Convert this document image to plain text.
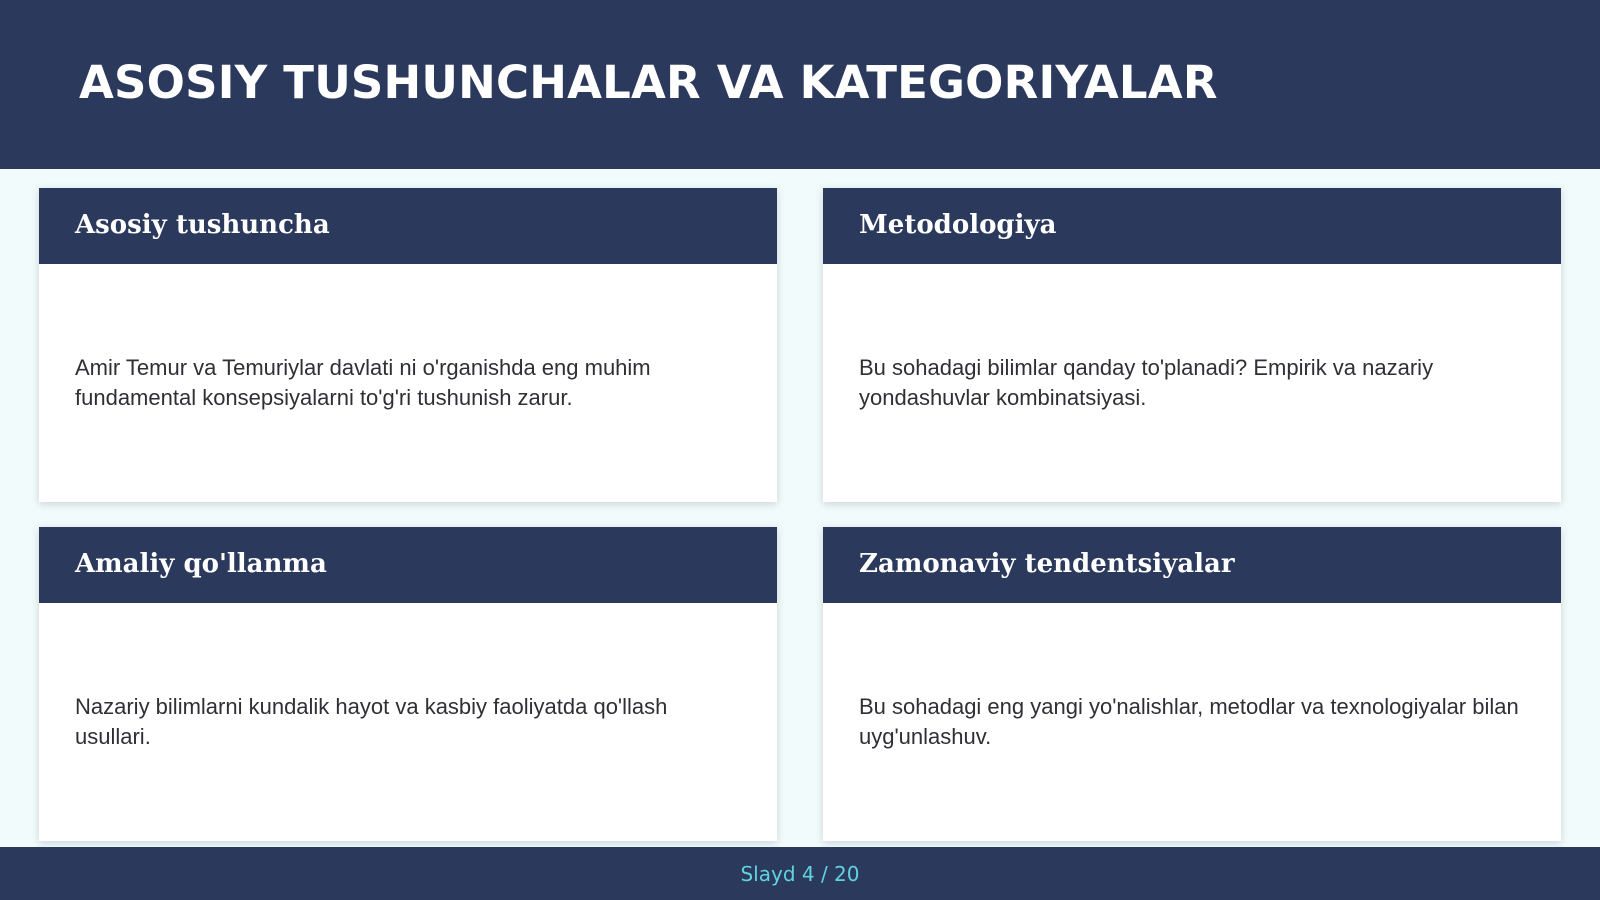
ASOSIY TUSHUNCHALAR VA KATEGORIYALAR
Asosiy tushuncha

Amir Temur va Temuriylar davlati ni o'rganishda eng muhim fundamental konsepsiyalarni to'g'ri tushunish zarur.

Metodologiya

Bu sohadagi bilimlar qanday to'planadi? Empirik va nazariy yondashuvlar kombinatsiyasi.

Amaliy qo'llanma

Nazariy bilimlarni kundalik hayot va kasbiy faoliyatda qo'llash usullari.

Zamonaviy tendentsiyalar

Bu sohadagi eng yangi yo'nalishlar, metodlar va texnologiyalar bilan uyg'unlashuv.

Slayd 4 / 20
